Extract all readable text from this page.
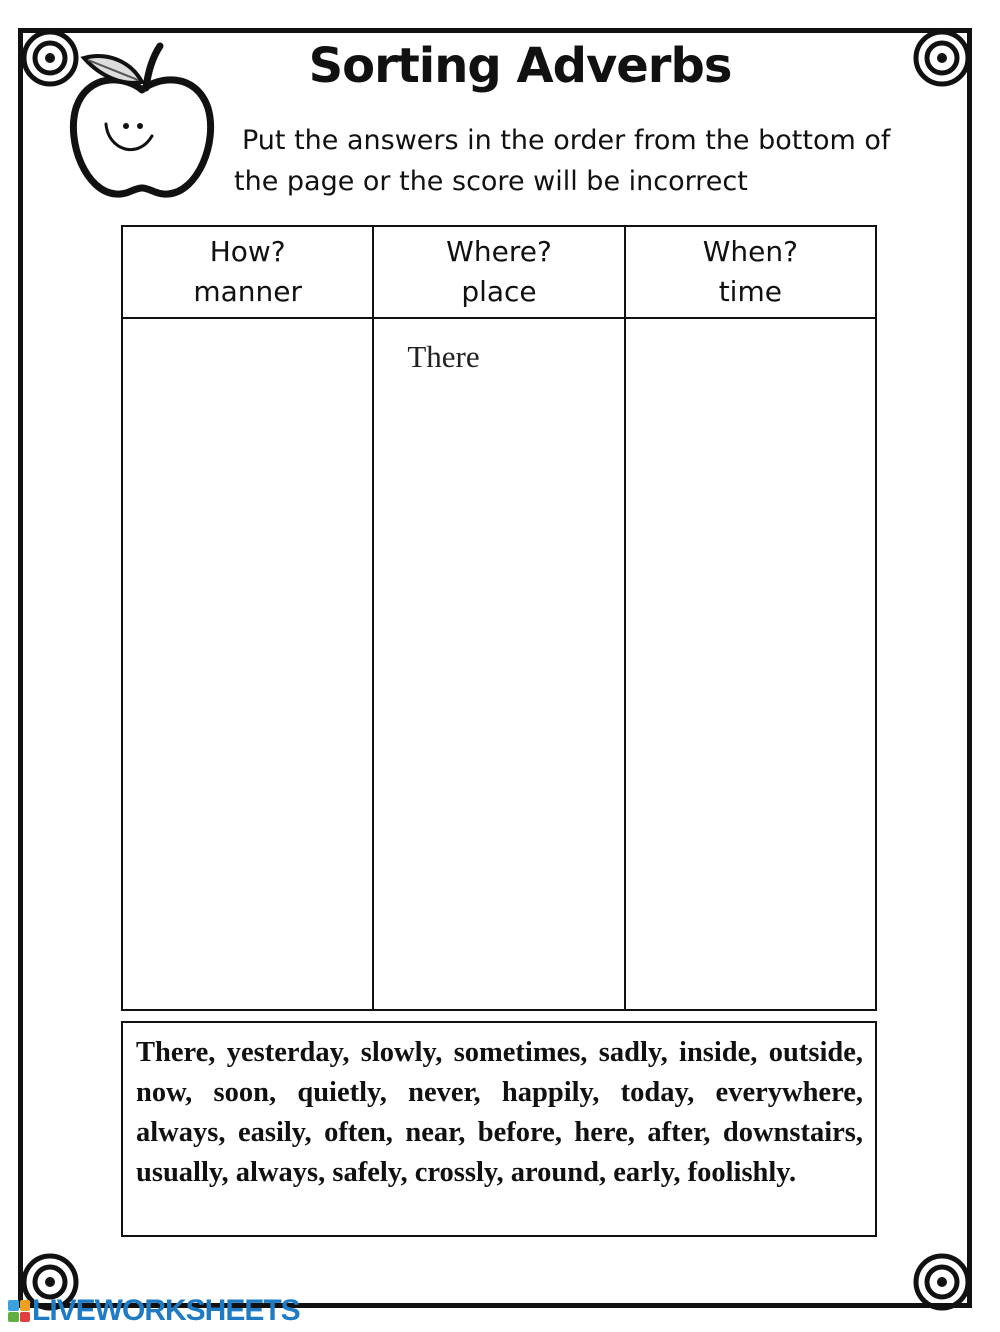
Sorting Adverbs
Put the answers in the order from the bottom of
the page or the score will be incorrect
How?
manner
Where?
place
There
When?
time

There, yesterday, slowly, sometimes, sadly, inside, outside, now, soon, quietly, never, happily, today, everywhere, always, easily, often, near, before, here, after, downstairs, usually, always, safely, crossly, around, early, foolishly.

LIVEWORKSHEETS
